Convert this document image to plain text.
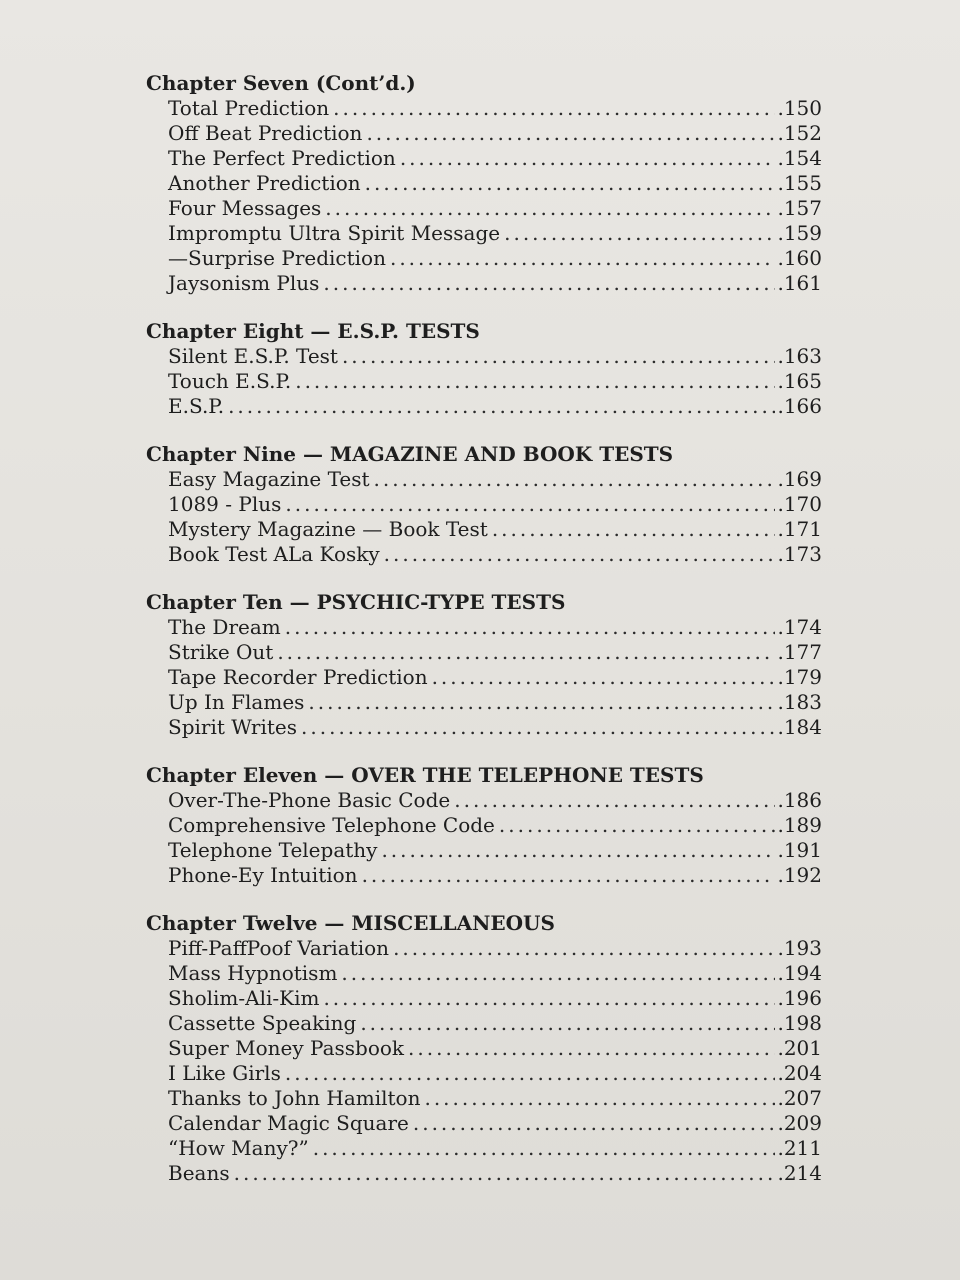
Chapter Seven (Cont’d.)
Total Prediction .....	. 150
Off Beat Prediction .....	. 152
The Perfect Prediction .....	. 154
Another Prediction .....	. 155
Four Messages .....	. 157
Impromptu Ultra Spirit Message .....	. 159
—Surprise Prediction .....	. 160
Jaysonism Plus .....	. 161
Chapter Eight — E.S.P. TESTS
Silent E.S.P. Test .....	. 163
Touch E.S.P. .....	. 165
E.S.P. .....	. 166
Chapter Nine — MAGAZINE AND BOOK TESTS
Easy Magazine Test .....	. 169
1089 - Plus .....	. 170
Mystery Magazine — Book Test .....	. 171
Book Test ALa Kosky .....	. 173
Chapter Ten — PSYCHIC-TYPE TESTS
The Dream .....	. 174
Strike Out .....	. 177
Tape Recorder Prediction .....	. 179
Up In Flames .....	. 183
Spirit Writes .....	. 184
Chapter Eleven — OVER THE TELEPHONE TESTS
Over-The-Phone Basic Code .....	. 186
Comprehensive Telephone Code .....	. 189
Telephone Telepathy .....	. 191
Phone-Ey Intuition .....	. 192
Chapter Twelve — MISCELLANEOUS
Piff-PaffPoof Variation .....	. 193
Mass Hypnotism .....	. 194
Sholim-Ali-Kim .....	. 196
Cassette Speaking .....	. 198
Super Money Passbook .....	. 201
I Like Girls .....	. 204
Thanks to John Hamilton .....	. 207
Calendar Magic Square .....	. 209
“How Many?” .....	. 211
Beans .....	. 214
